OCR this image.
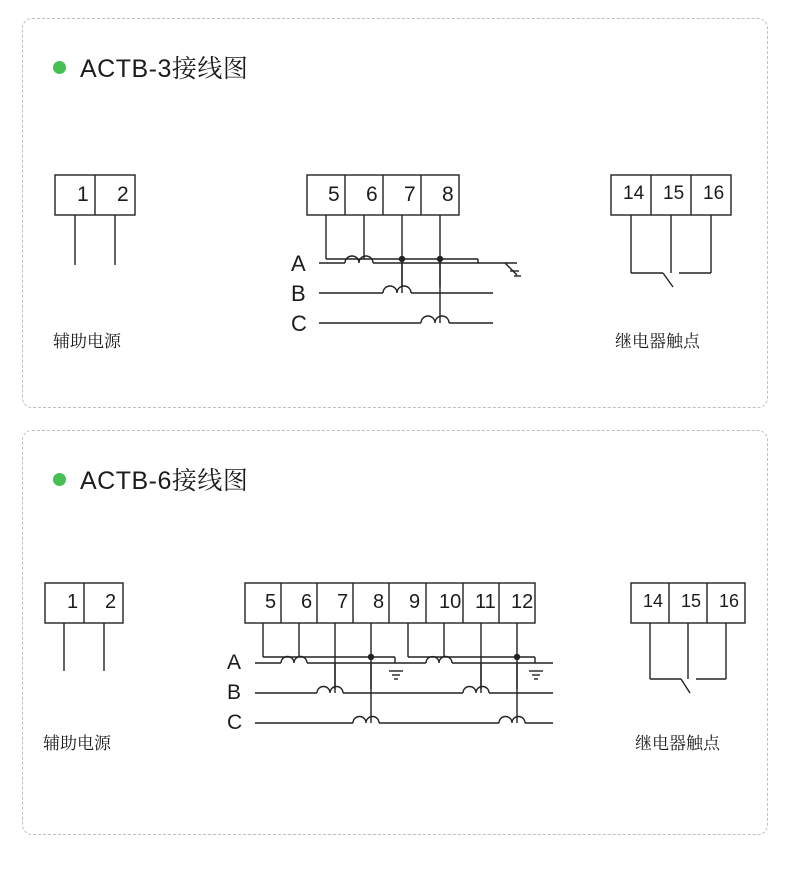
ACTB-3接线图
1 2
辅助电源
5 6 7 8
A
B
C
14 15 16
继电器触点
ACTB-6接线图
1 2
辅助电源
5 6 7 8 9 10 11 12
A
B
C
14 15 16
继电器触点
